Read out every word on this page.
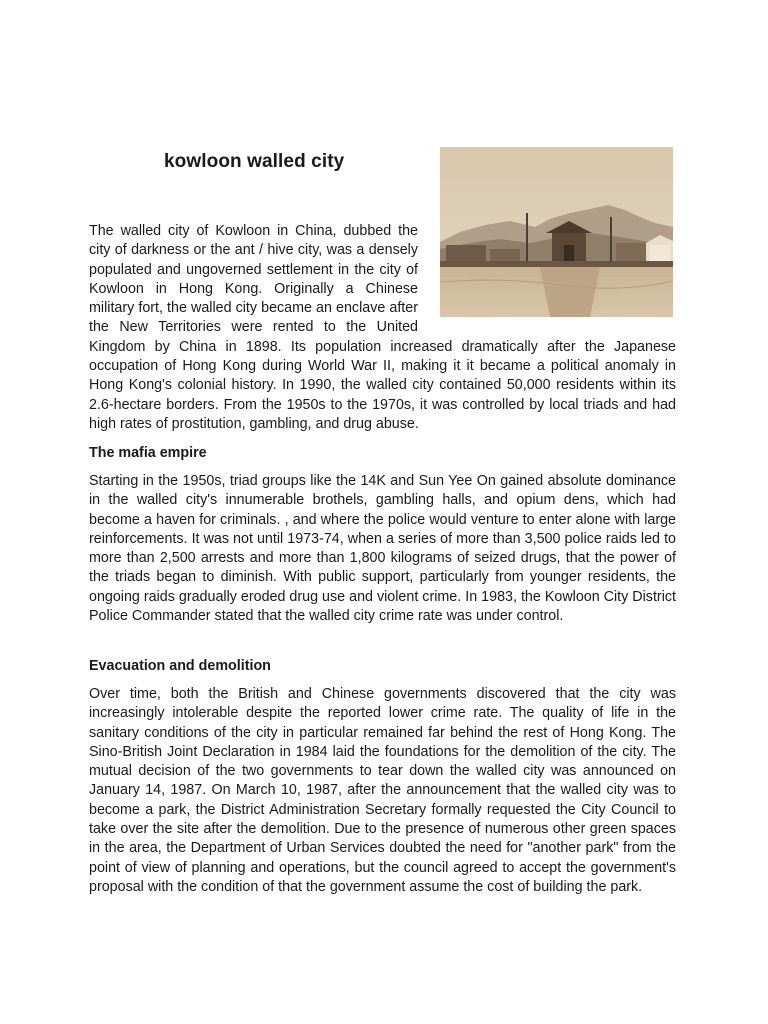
kowloon walled city

The walled city of Kowloon in China, dubbed the city of darkness or the ant / hive city, was a densely populated and ungoverned settlement in the city of Kowloon in Hong Kong. Originally a Chinese military fort, the walled city became an enclave after the New Territories were rented to the United Kingdom by China in 1898. Its population increased dramatically after the Japanese occupation of Hong Kong during World War II, making it it became a political anomaly in Hong Kong's colonial history. In 1990, the walled city contained 50,000 residents within its 2.6-hectare borders. From the 1950s to the 1970s, it was controlled by local triads and had high rates of prostitution, gambling, and drug abuse.

The mafia empire

Starting in the 1950s, triad groups like the 14K and Sun Yee On gained absolute dominance in the walled city's innumerable brothels, gambling halls, and opium dens, which had become a haven for criminals. , and where the police would venture to enter alone with large reinforcements. It was not until 1973-74, when a series of more than 3,500 police raids led to more than 2,500 arrests and more than 1,800 kilograms of seized drugs, that the power of the triads began to diminish. With public support, particularly from younger residents, the ongoing raids gradually eroded drug use and violent crime. In 1983, the Kowloon City District Police Commander stated that the walled city crime rate was under control.

Evacuation and demolition

Over time, both the British and Chinese governments discovered that the city was increasingly intolerable despite the reported lower crime rate. The quality of life in the sanitary conditions of the city in particular remained far behind the rest of Hong Kong. The Sino-British Joint Declaration in 1984 laid the foundations for the demolition of the city. The mutual decision of the two governments to tear down the walled city was announced on January 14, 1987. On March 10, 1987, after the announcement that the walled city was to become a park, the District Administration Secretary formally requested the City Council to take over the site after the demolition. Due to the presence of numerous other green spaces in the area, the Department of Urban Services doubted the need for "another park" from the point of view of planning and operations, but the council agreed to accept the government's proposal with the condition of that the government assume the cost of building the park.
